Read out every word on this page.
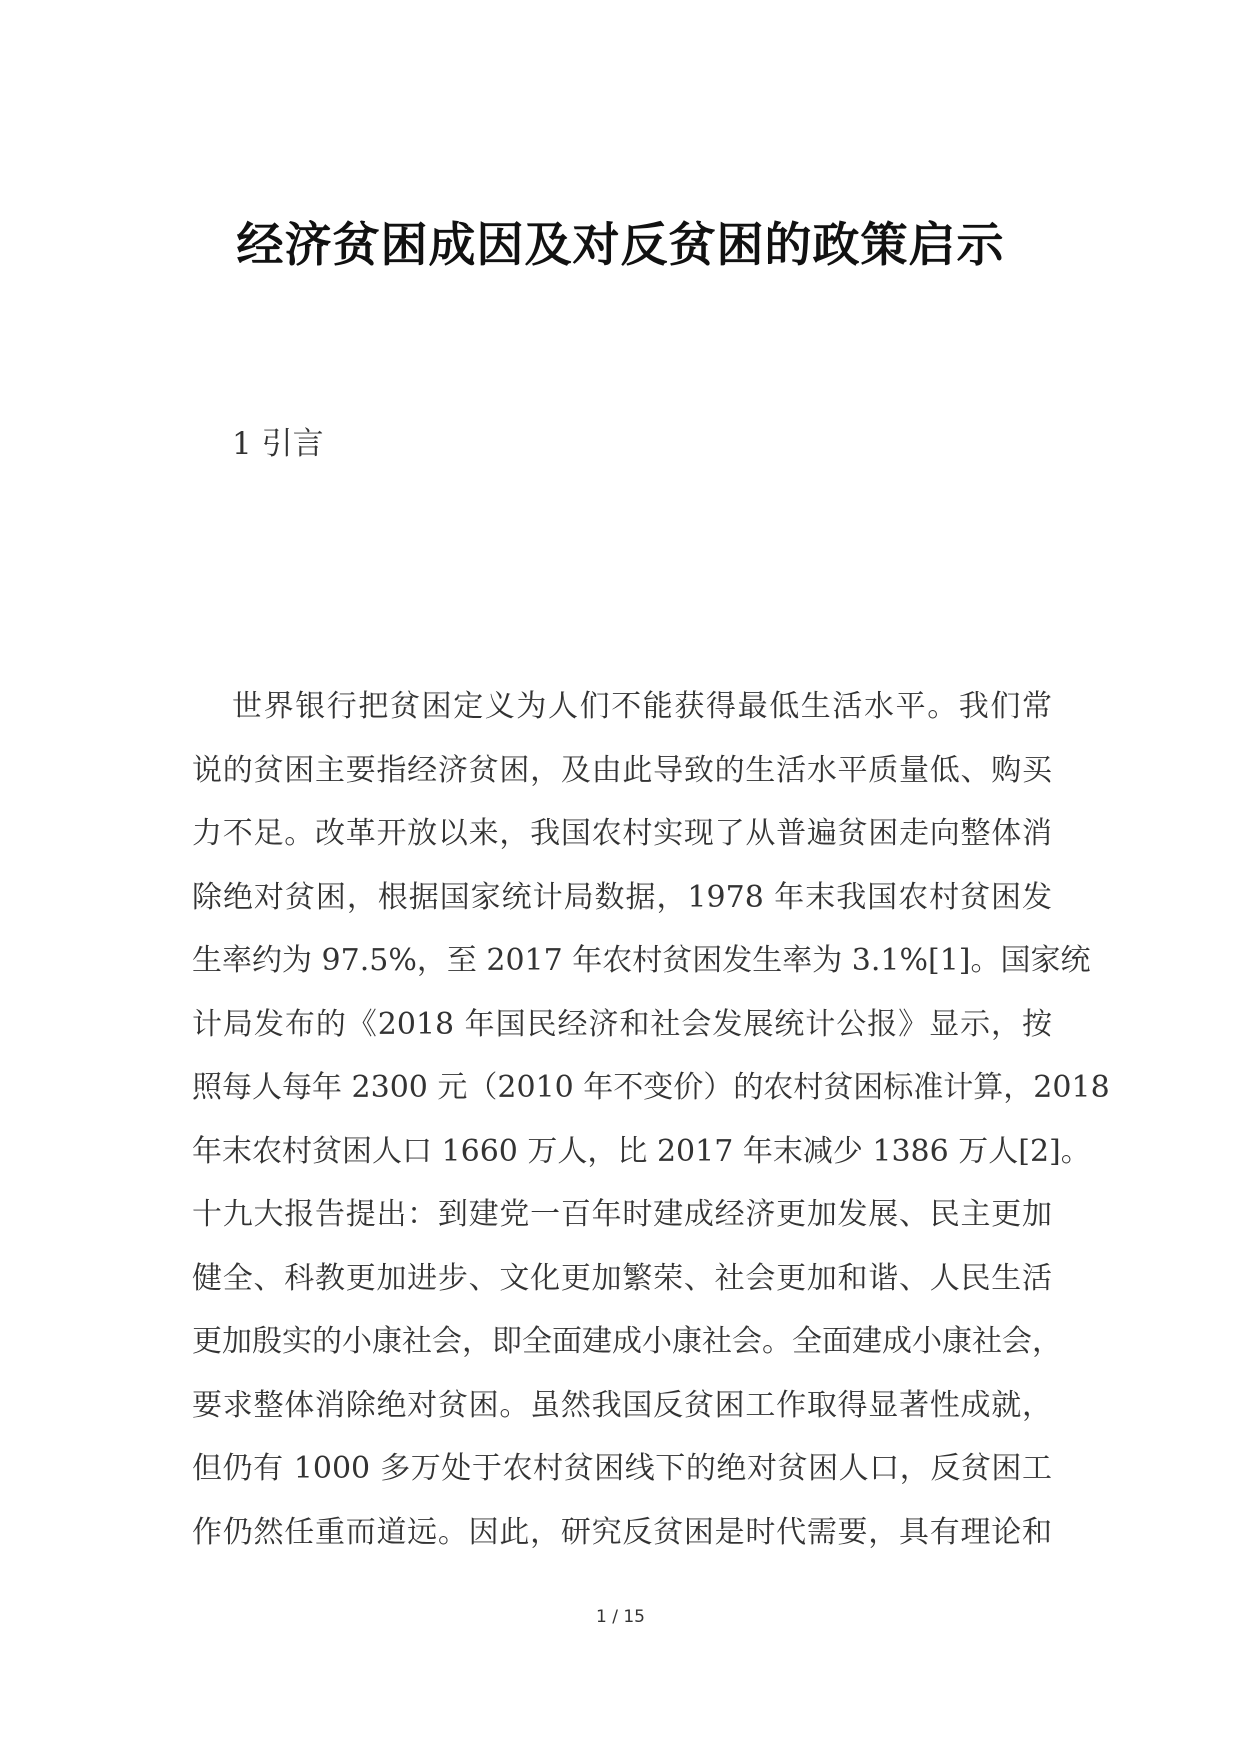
经济贫困成因及对反贫困的政策启示
1 引言
世界银行把贫困定义为人们不能获得最低生活水平。我们常
说的贫困主要指经济贫困，及由此导致的生活水平质量低、购买
力不足。改革开放以来，我国农村实现了从普遍贫困走向整体消
除绝对贫困，根据国家统计局数据，1978 年末我国农村贫困发
生率约为 97.5%，至 2017 年农村贫困发生率为 3.1%[1]。国家统
计局发布的《2018 年国民经济和社会发展统计公报》显示，按
照每人每年 2300 元（2010 年不变价）的农村贫困标准计算，2018
年末农村贫困人口 1660 万人，比 2017 年末减少 1386 万人[2]。
十九大报告提出：到建党一百年时建成经济更加发展、民主更加
健全、科教更加进步、文化更加繁荣、社会更加和谐、人民生活
更加殷实的小康社会，即全面建成小康社会。全面建成小康社会，
要求整体消除绝对贫困。虽然我国反贫困工作取得显著性成就，
但仍有 1000 多万处于农村贫困线下的绝对贫困人口，反贫困工
作仍然任重而道远。因此，研究反贫困是时代需要，具有理论和
1 / 15
